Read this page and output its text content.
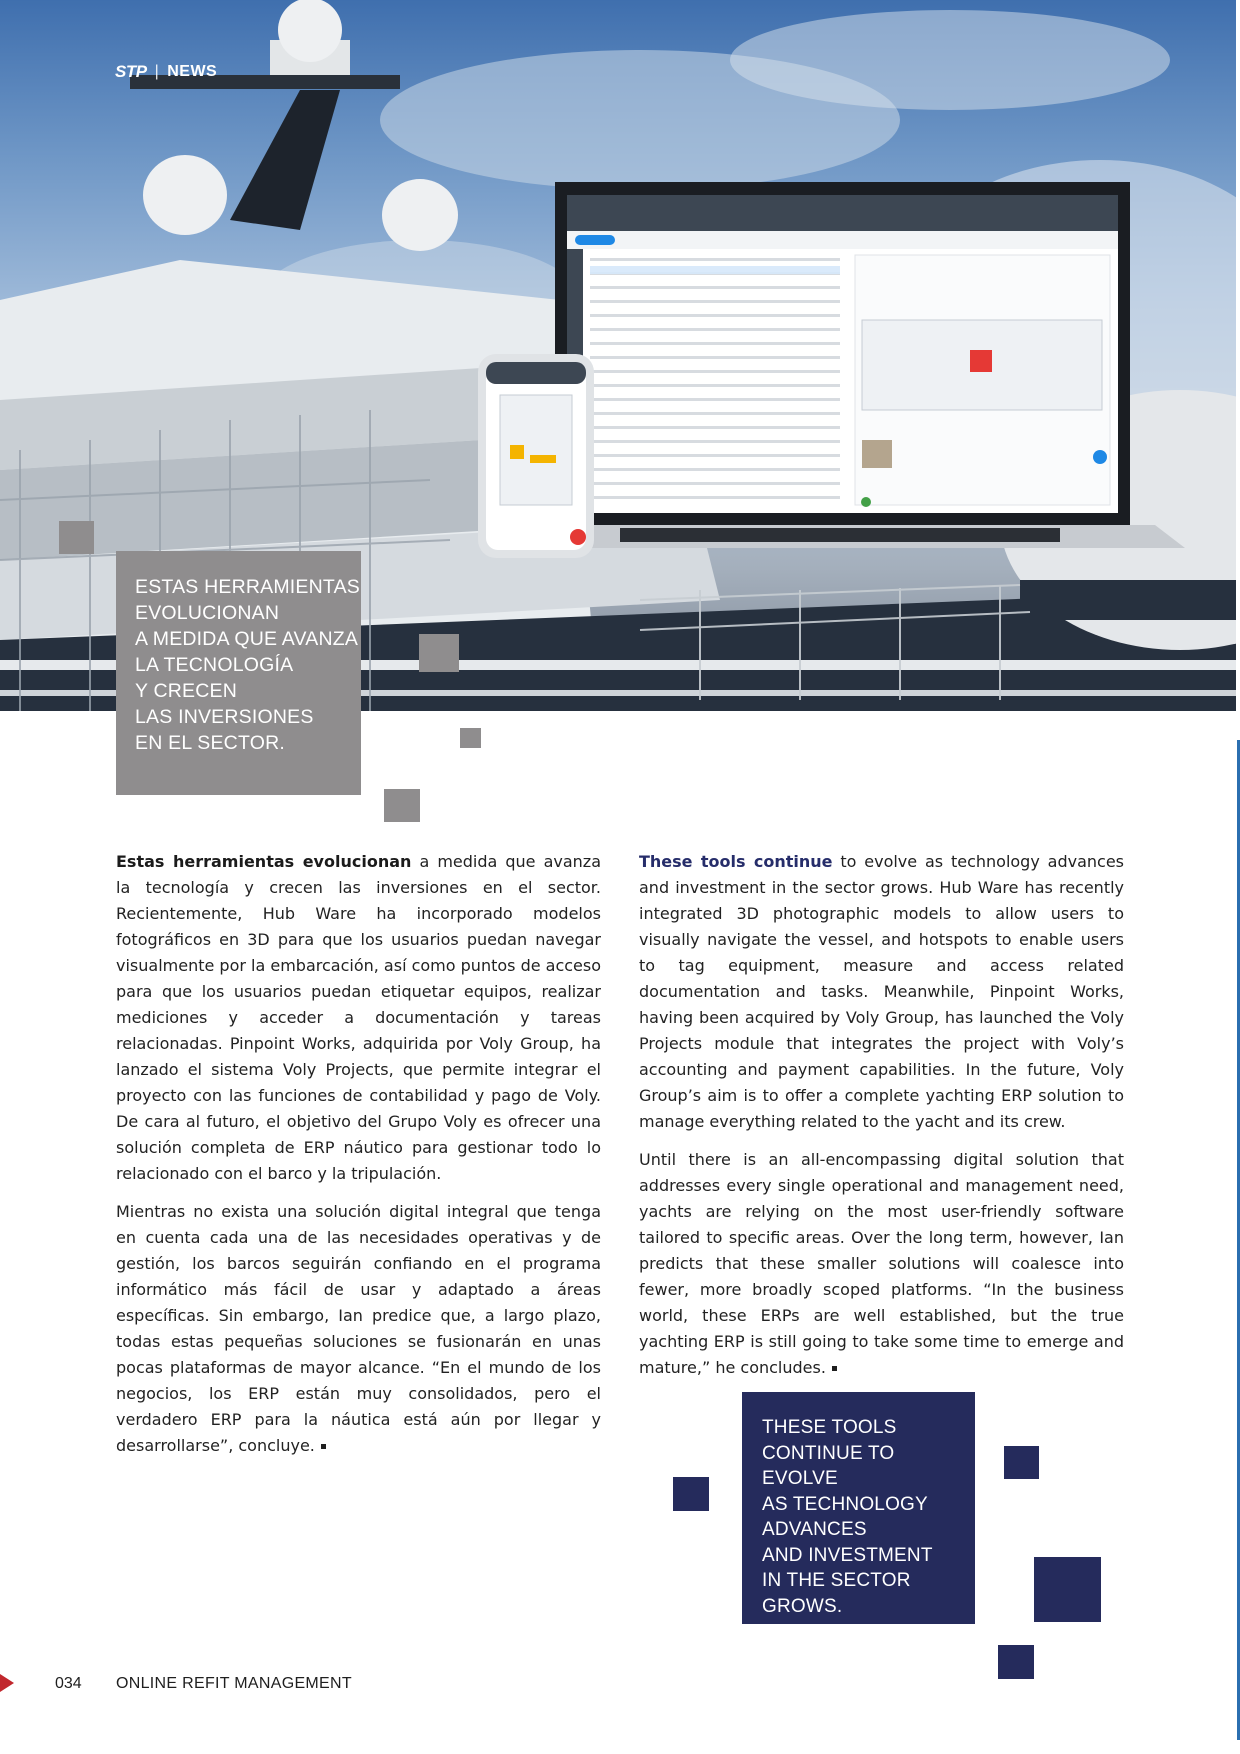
STP | NEWS

ESTAS HERRAMIENTAS
EVOLUCIONAN
A MEDIDA QUE AVANZA
LA TECNOLOGÍA
Y CRECEN
LAS INVERSIONES
EN EL SECTOR.

Estas herramientas evolucionan a medida que avanza la tecnología y crecen las inversiones en el sector. Recientemente, Hub Ware ha incorporado modelos fotográficos en 3D para que los usuarios puedan navegar visualmente por la embarcación, así como puntos de acceso para que los usuarios puedan etiquetar equipos, realizar mediciones y acceder a documentación y tareas relacionadas. Pinpoint Works, adquirida por Voly Group, ha lanzado el sistema Voly Projects, que permite integrar el proyecto con las funciones de contabilidad y pago de Voly. De cara al futuro, el objetivo del Grupo Voly es ofrecer una solución completa de ERP náutico para gestionar todo lo relacionado con el barco y la tripulación.

Mientras no exista una solución digital integral que tenga en cuenta cada una de las necesidades operativas y de gestión, los barcos seguirán confiando en el programa informático más fácil de usar y adaptado a áreas específicas. Sin embargo, Ian predice que, a largo plazo, todas estas pequeñas soluciones se fusionarán en unas pocas plataformas de mayor alcance. “En el mundo de los negocios, los ERP están muy consolidados, pero el verdadero ERP para la náutica está aún por llegar y desarrollarse”, concluye.

These tools continue to evolve as technology advances and investment in the sector grows. Hub Ware has recently integrated 3D photographic models to allow users to visually navigate the vessel, and hotspots to enable users to tag equipment, measure and access related documentation and tasks. Meanwhile, Pinpoint Works, having been acquired by Voly Group, has launched the Voly Projects module that integrates the project with Voly’s accounting and payment capabilities. In the future, Voly Group’s aim is to offer a complete yachting ERP solution to manage everything related to the yacht and its crew.

Until there is an all-encompassing digital solution that addresses every single operational and management need, yachts are relying on the most user-friendly software tailored to specific areas. Over the long term, however, Ian predicts that these smaller solutions will coalesce into fewer, more broadly scoped platforms. “In the business world, these ERPs are well established, but the true yachting ERP is still going to take some time to emerge and mature,” he concludes.

THESE TOOLS
CONTINUE TO EVOLVE
AS TECHNOLOGY
ADVANCES
AND INVESTMENT
IN THE SECTOR GROWS.

034 ONLINE REFIT MANAGEMENT
